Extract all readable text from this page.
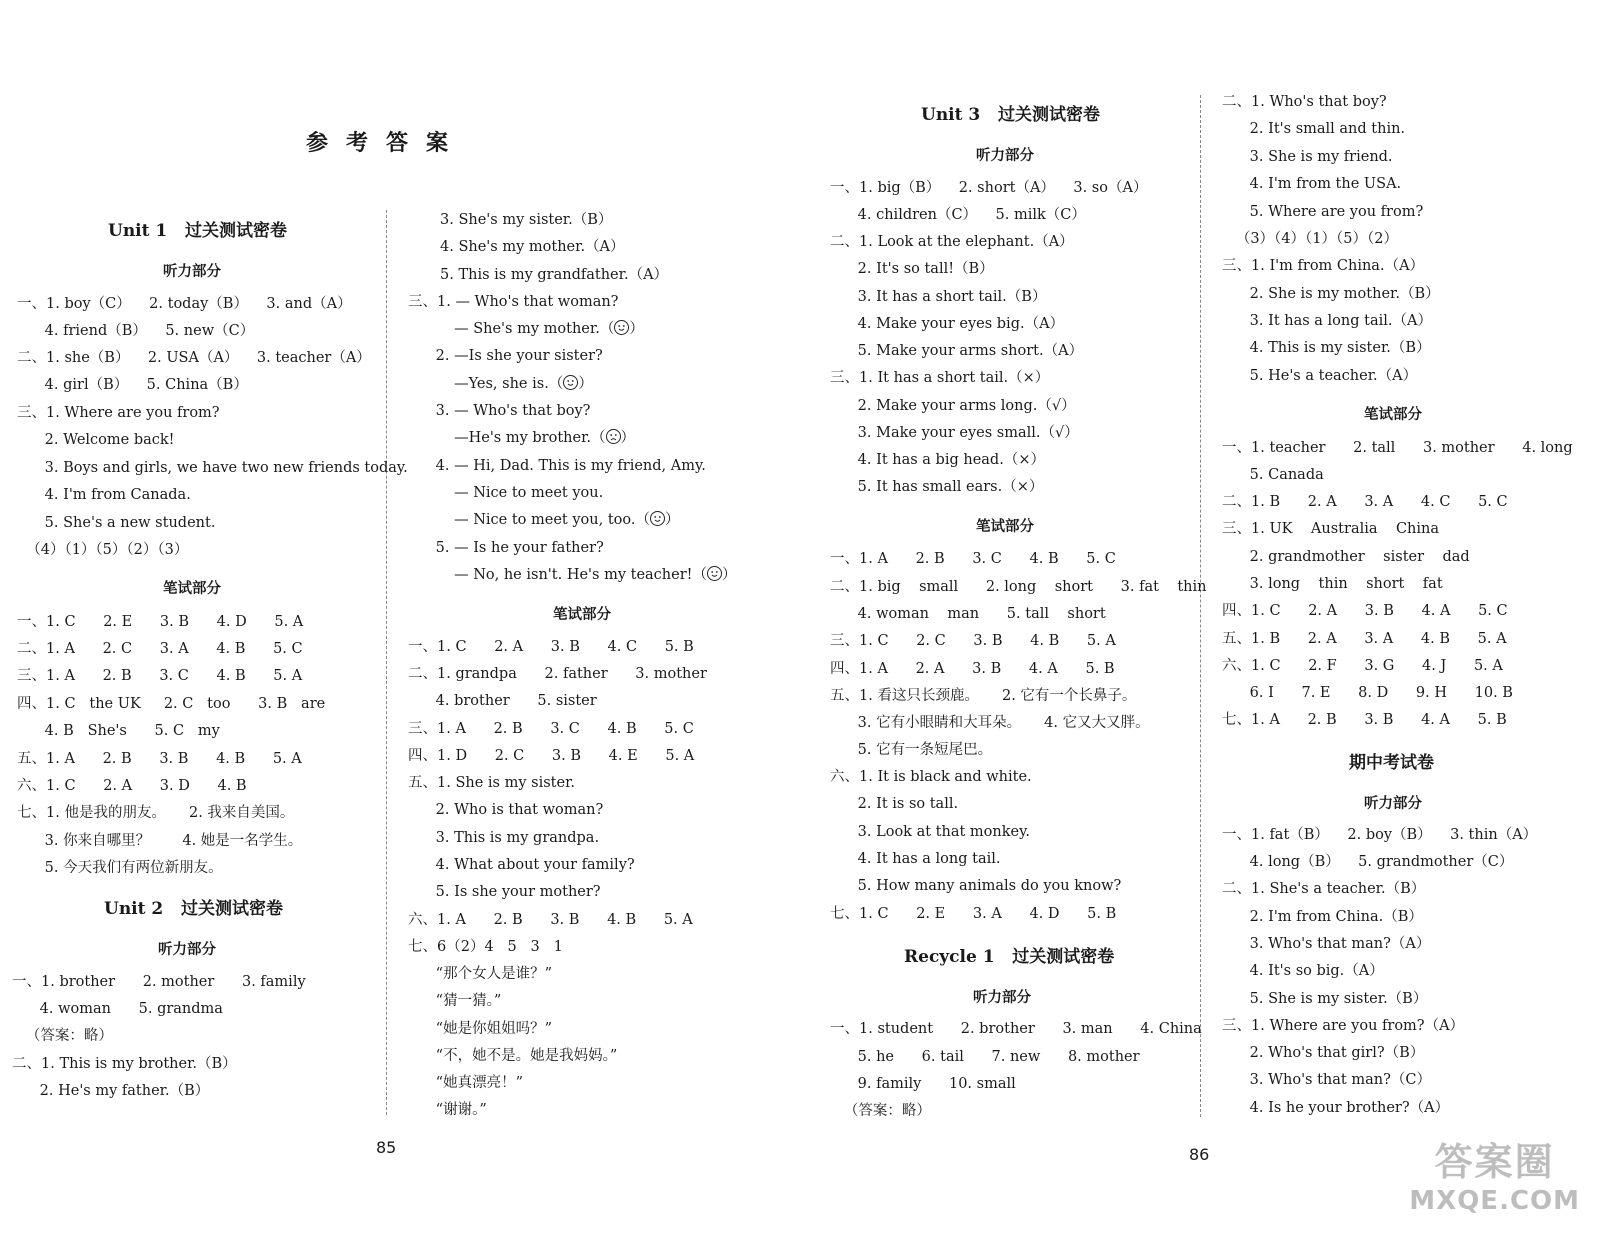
参考答案
Unit 1   过关测试密卷
听力部分
一、1. boy（C）    2. today（B）    3. and（A）
4. friend（B）    5. new（C）
二、1. she（B）    2. USA（A）    3. teacher（A）
4. girl（B）    5. China（B）
三、1. Where are you from?
2. Welcome back!
3. Boys and girls, we have two new friends today.
4. I'm from Canada.
5. She's a new student.
（4）（1）（5）（2）（3）
笔试部分
一、1. C      2. E      3. B      4. D      5. A
二、1. A      2. C      3. A      4. B      5. C
三、1. A      2. B      3. C      4. B      5. A
四、1. C   the UK     2. C   too      3. B   are
4. B   She's      5. C   my
五、1. A      2. B      3. B      4. B      5. A
六、1. C      2. A      3. D      4. B
七、1. 他是我的朋友。     2. 我来自美国。
3. 你来自哪里？       4. 她是一名学生。
5. 今天我们有两位新朋友。
Unit 2   过关测试密卷
听力部分
一、1. brother      2. mother      3. family
4. woman      5. grandma
（答案：略）
二、1. This is my brother.（B）
2. He's my father.（B）
3. She's my sister.（B）
4. She's my mother.（A）
5. This is my grandfather.（A）
三、1. — Who's that woman?
— She's my mother.（ ）
2. —Is she your sister?
—Yes, she is.（ ）
3. — Who's that boy?
—He's my brother.（ ）
4. — Hi, Dad. This is my friend, Amy.
— Nice to meet you.
— Nice to meet you, too.（ ）
5. — Is he your father?
— No, he isn't. He's my teacher!（ ）
笔试部分
一、1. C      2. A      3. B      4. C      5. B
二、1. grandpa      2. father      3. mother
4. brother      5. sister
三、1. A      2. B      3. C      4. B      5. C
四、1. D      2. C      3. B      4. E      5. A
五、1. She is my sister.
2. Who is that woman?
3. This is my grandpa.
4. What about your family?
5. Is she your mother?
六、1. A      2. B      3. B      4. B      5. A
七、6（2）4   5   3   1
“那个女人是谁？”
“猜一猜。”
“她是你姐姐吗？”
“不，她不是。她是我妈妈。”
“她真漂亮！”
“谢谢。”
85
Unit 3   过关测试密卷
听力部分
一、1. big（B）    2. short（A）    3. so（A）
4. children（C）    5. milk（C）
二、1. Look at the elephant.（A）
2. It's so tall!（B）
3. It has a short tail.（B）
4. Make your eyes big.（A）
5. Make your arms short.（A）
三、1. It has a short tail.（×）
2. Make your arms long.（√）
3. Make your eyes small.（√）
4. It has a big head.（×）
5. It has small ears.（×）
笔试部分
一、1. A      2. B      3. C      4. B      5. C
二、1. big    small      2. long    short      3. fat    thin
4. woman    man      5. tall    short
三、1. C      2. C      3. B      4. B      5. A
四、1. A      2. A      3. B      4. A      5. B
五、1. 看这只长颈鹿。     2. 它有一个长鼻子。
3. 它有小眼睛和大耳朵。     4. 它又大又胖。
5. 它有一条短尾巴。
六、1. It is black and white.
2. It is so tall.
3. Look at that monkey.
4. It has a long tail.
5. How many animals do you know?
七、1. C      2. E      3. A      4. D      5. B
Recycle 1   过关测试密卷
听力部分
一、1. student      2. brother      3. man      4. China
5. he      6. tail      7. new      8. mother
9. family      10. small
（答案：略）
86
二、1. Who's that boy?
2. It's small and thin.
3. She is my friend.
4. I'm from the USA.
5. Where are you from?
（3）（4）（1）（5）（2）
三、1. I'm from China.（A）
2. She is my mother.（B）
3. It has a long tail.（A）
4. This is my sister.（B）
5. He's a teacher.（A）
笔试部分
一、1. teacher      2. tall      3. mother      4. long
5. Canada
二、1. B      2. A      3. A      4. C      5. C
三、1. UK    Australia    China
2. grandmother    sister    dad
3. long    thin    short    fat
四、1. C      2. A      3. B      4. A      5. C
五、1. B      2. A      3. A      4. B      5. A
六、1. C      2. F      3. G      4. J      5. A
6. I      7. E      8. D      9. H      10. B
七、1. A      2. B      3. B      4. A      5. B
期中考试卷
听力部分
一、1. fat（B）    2. boy（B）    3. thin（A）
4. long（B）    5. grandmother（C）
二、1. She's a teacher.（B）
2. I'm from China.（B）
3. Who's that man?（A）
4. It's so big.（A）
5. She is my sister.（B）
三、1. Where are you from?（A）
2. Who's that girl?（B）
3. Who's that man?（C）
4. Is he your brother?（A）
答案圈
MXQE.COM
